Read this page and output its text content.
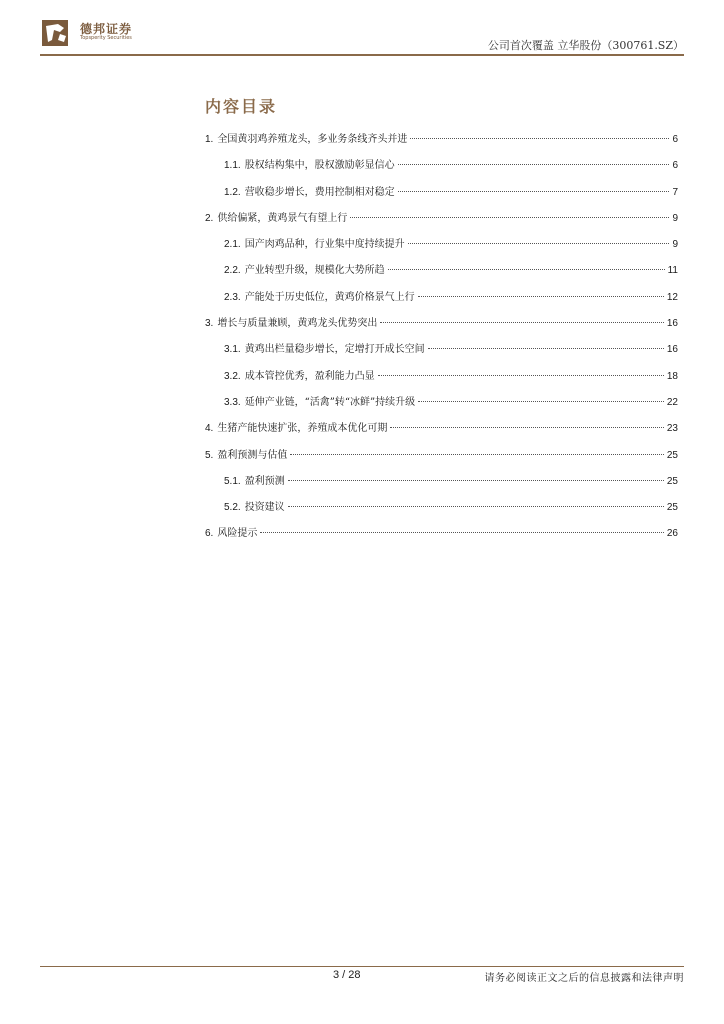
德邦证券
Topsperity Securities
公司首次覆盖 立华股份（300761.SZ）
内容目录
1. 全国黄羽鸡养殖龙头，多业务条线齐头并进	6
1.1. 股权结构集中，股权激励彰显信心	6
1.2. 营收稳步增长，费用控制相对稳定	7
2. 供给偏紧，黄鸡景气有望上行	9
2.1. 国产肉鸡品种，行业集中度持续提升	9
2.2. 产业转型升级，规模化大势所趋	11
2.3. 产能处于历史低位，黄鸡价格景气上行	12
3. 增长与质量兼顾，黄鸡龙头优势突出	16
3.1. 黄鸡出栏量稳步增长，定增打开成长空间	16
3.2. 成本管控优秀，盈利能力凸显	18
3.3. 延伸产业链，“活禽”转“冰鲜”持续升级	22
4. 生猪产能快速扩张，养殖成本优化可期	23
5. 盈利预测与估值	25
5.1. 盈利预测	25
5.2. 投资建议	25
6. 风险提示	26
3 / 28	请务必阅读正文之后的信息披露和法律声明
